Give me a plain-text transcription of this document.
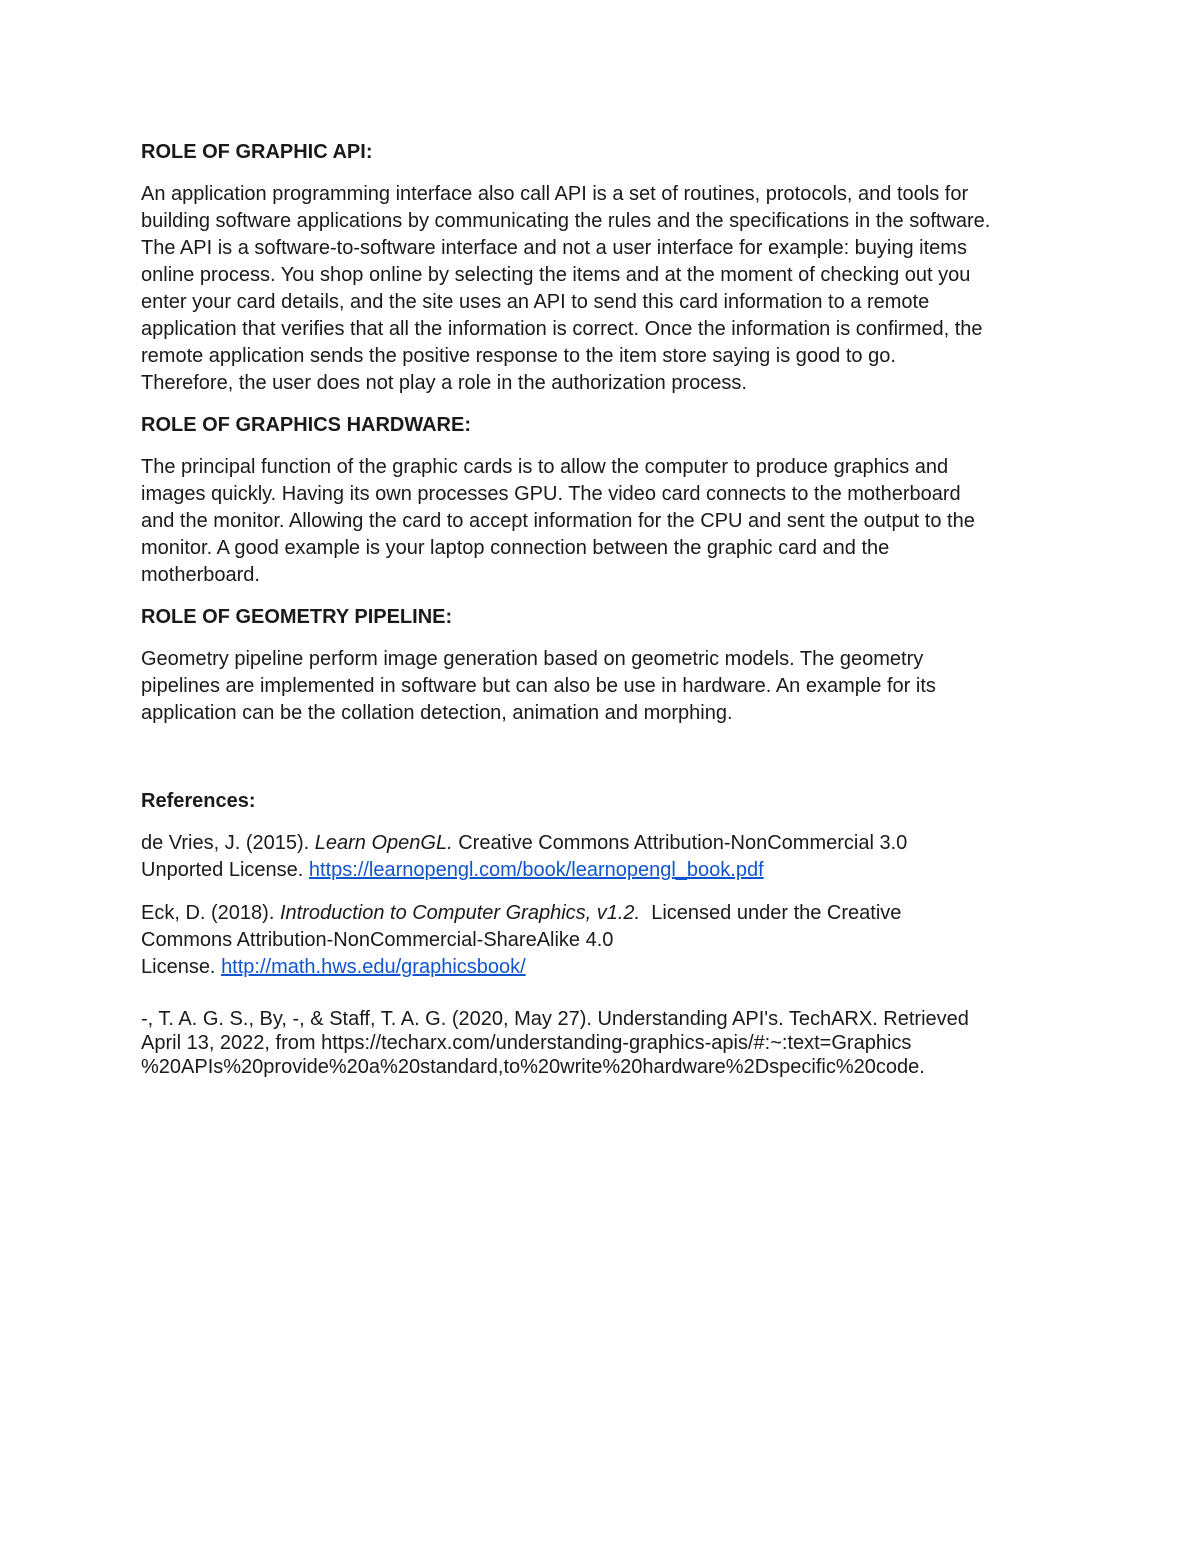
ROLE OF GRAPHIC API:
An application programming interface also call API is a set of routines, protocols, and tools for
building software applications by communicating the rules and the specifications in the software.
The API is a software-to-software interface and not a user interface for example: buying items
online process. You shop online by selecting the items and at the moment of checking out you
enter your card details, and the site uses an API to send this card information to a remote
application that verifies that all the information is correct. Once the information is confirmed, the
remote application sends the positive response to the item store saying is good to go.
Therefore, the user does not play a role in the authorization process.
ROLE OF GRAPHICS HARDWARE:
The principal function of the graphic cards is to allow the computer to produce graphics and
images quickly. Having its own processes GPU. The video card connects to the motherboard
and the monitor. Allowing the card to accept information for the CPU and sent the output to the
monitor. A good example is your laptop connection between the graphic card and the
motherboard.
ROLE OF GEOMETRY PIPELINE:
Geometry pipeline perform image generation based on geometric models. The geometry
pipelines are implemented in software but can also be use in hardware. An example for its
application can be the collation detection, animation and morphing.
References:
de Vries, J. (2015). Learn OpenGL. Creative Commons Attribution-NonCommercial 3.0
Unported License. https://learnopengl.com/book/learnopengl_book.pdf
Eck, D. (2018). Introduction to Computer Graphics, v1.2.  Licensed under the Creative
Commons Attribution-NonCommercial-ShareAlike 4.0
License. http://math.hws.edu/graphicsbook/
-, T. A. G. S., By, -, & Staff, T. A. G. (2020, May 27). Understanding API's. TechARX. Retrieved
April 13, 2022, from https://techarx.com/understanding-graphics-apis/#:~:text=Graphics
%20APIs%20provide%20a%20standard,to%20write%20hardware%2Dspecific%20code.
